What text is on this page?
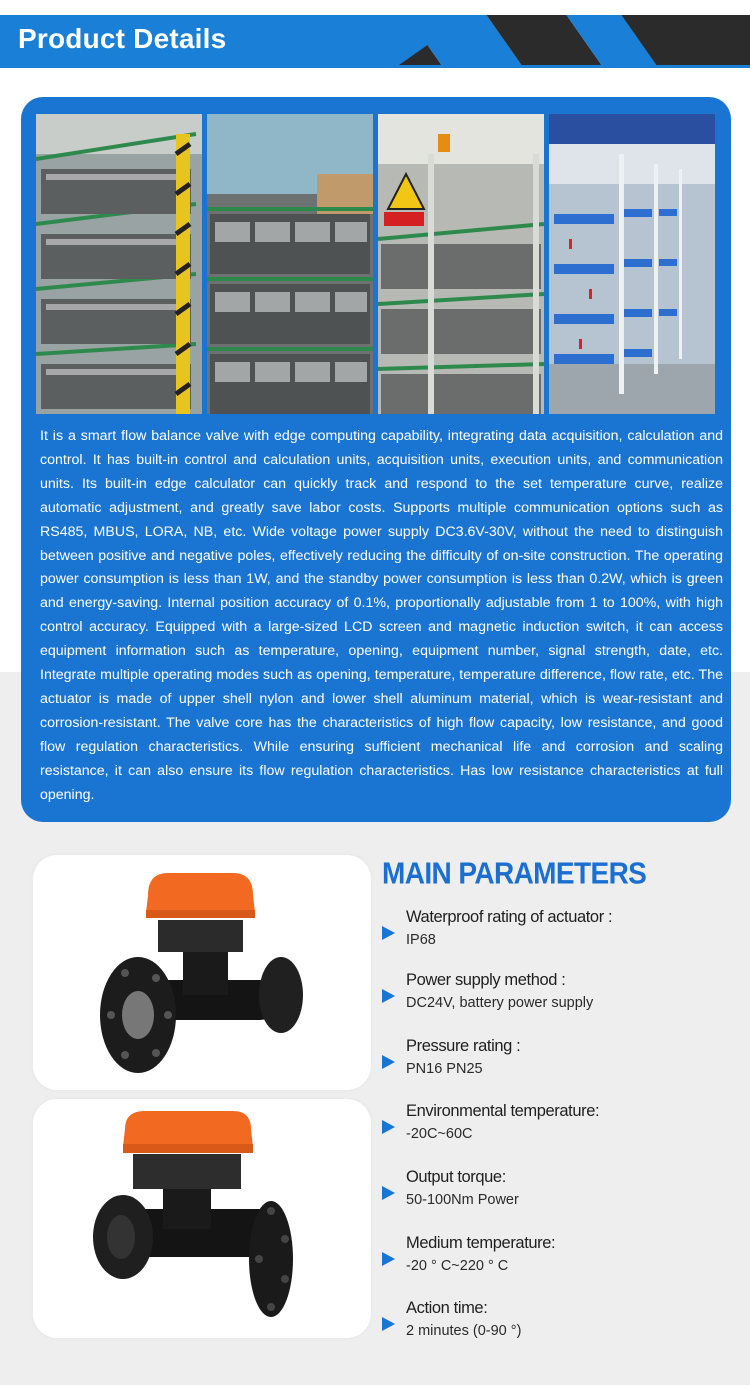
Product Details
It is a smart flow balance valve with edge computing capability, integrating data acquisition, calculation and control. It has built-in control and calculation units, acquisition units, execution units, and communication units. Its built-in edge calculator can quickly track and respond to the set temperature curve, realize automatic adjustment, and greatly save labor costs. Supports multiple communication options such as RS485, MBUS, LORA, NB, etc. Wide voltage power supply DC3.6V-30V, without the need to distinguish between positive and negative poles, effectively reducing the difficulty of on-site construction. The operating power consumption is less than 1W, and the standby power consumption is less than 0.2W, which is green and energy-saving. Internal position accuracy of 0.1%, proportionally adjustable from 1 to 100%, with high control accuracy. Equipped with a large-sized LCD screen and magnetic induction switch, it can access equipment information such as temperature, opening, equipment number, signal strength, date, etc. Integrate multiple operating modes such as opening, temperature, temperature difference, flow rate, etc. The actuator is made of upper shell nylon and lower shell aluminum material, which is wear-resistant and corrosion-resistant. The valve core has the characteristics of high flow capacity, low resistance, and good flow regulation characteristics. While ensuring sufficient mechanical life and corrosion and scaling resistance, it can also ensure its flow regulation characteristics. Has low resistance characteristics at full opening.
MAIN PARAMETERS
Waterproof rating of actuator :
IP68
Power supply method :
DC24V, battery power supply
Pressure rating :
PN16 PN25
Environmental temperature:
-20C~60C
Output torque:
50-100Nm Power
Medium temperature:
-20 ° C~220 ° C
Action time:
2 minutes (0-90 °)
